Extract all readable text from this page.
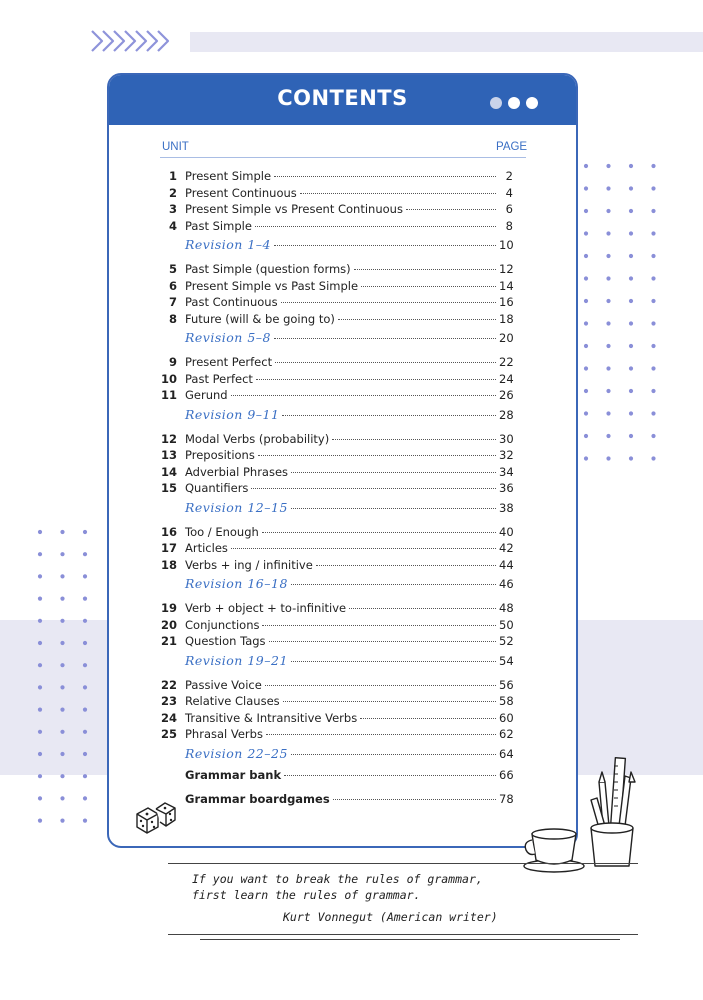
CONTENTS
UNIT	PAGE
1 Present Simple	2
2 Present Continuous	4
3 Present Simple vs Present Continuous	6
4 Past Simple	8
Revision 1–4	10
5 Past Simple (question forms)	12
6 Present Simple vs Past Simple	14
7 Past Continuous	16
8 Future (will & be going to)	18
Revision 5–8	20
9 Present Perfect	22
10 Past Perfect	24
11 Gerund	26
Revision 9–11	28
12 Modal Verbs (probability)	30
13 Prepositions	32
14 Adverbial Phrases	34
15 Quantifiers	36
Revision 12–15	38
16 Too / Enough	40
17 Articles	42
18 Verbs + ing / infinitive	44
Revision 16–18	46
19 Verb + object + to-infinitive	48
20 Conjunctions	50
21 Question Tags	52
Revision 19–21	54
22 Passive Voice	56
23 Relative Clauses	58
24 Transitive & Intransitive Verbs	60
25 Phrasal Verbs	62
Revision 22–25	64
Grammar bank	66
Grammar boardgames	78
If you want to break the rules of grammar,
first learn the rules of grammar.
Kurt Vonnegut (American writer)
